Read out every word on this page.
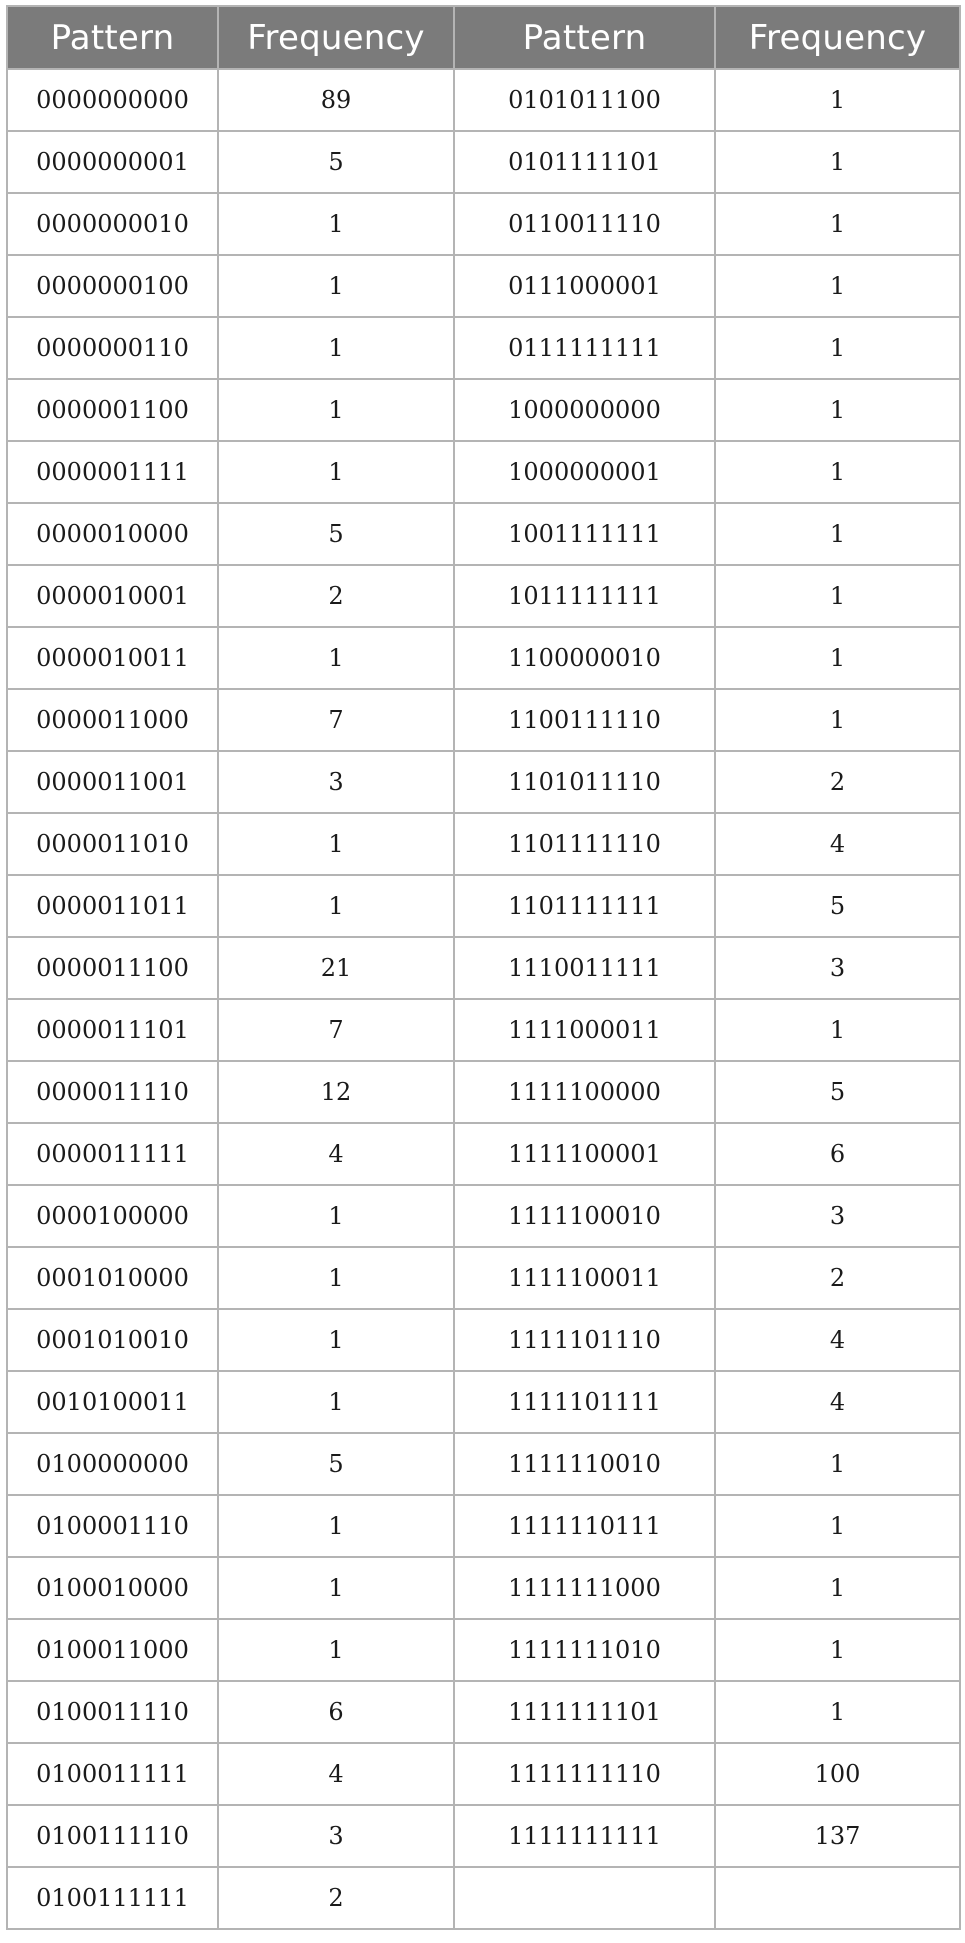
Pattern	Frequency	Pattern	Frequency
0000000000	89	0101011100	1
0000000001	5	0101111101	1
0000000010	1	0110011110	1
0000000100	1	0111000001	1
0000000110	1	0111111111	1
0000001100	1	1000000000	1
0000001111	1	1000000001	1
0000010000	5	1001111111	1
0000010001	2	1011111111	1
0000010011	1	1100000010	1
0000011000	7	1100111110	1
0000011001	3	1101011110	2
0000011010	1	1101111110	4
0000011011	1	1101111111	5
0000011100	21	1110011111	3
0000011101	7	1111000011	1
0000011110	12	1111100000	5
0000011111	4	1111100001	6
0000100000	1	1111100010	3
0001010000	1	1111100011	2
0001010010	1	1111101110	4
0010100011	1	1111101111	4
0100000000	5	1111110010	1
0100001110	1	1111110111	1
0100010000	1	1111111000	1
0100011000	1	1111111010	1
0100011110	6	1111111101	1
0100011111	4	1111111110	100
0100111110	3	1111111111	137
0100111111	2		
